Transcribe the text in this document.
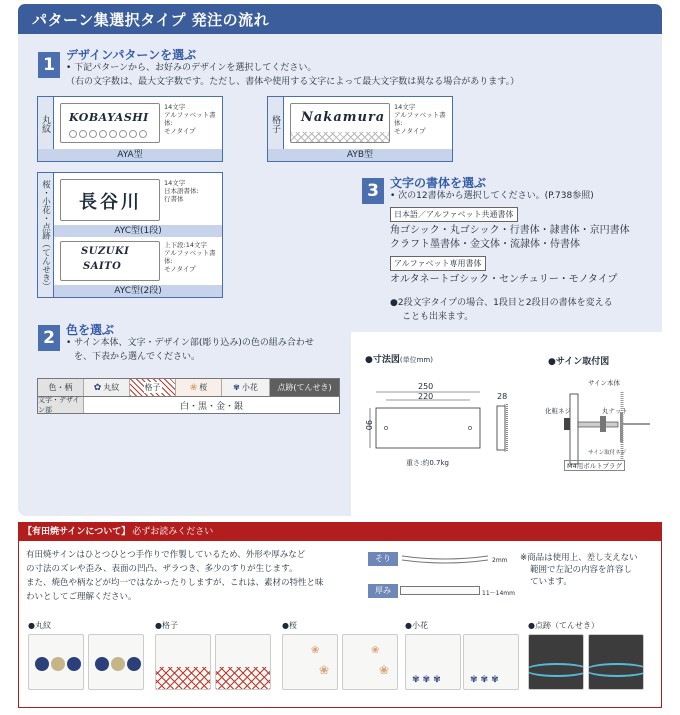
パターン集選択タイプ 発注の流れ
1 デザインパターンを選ぶ
• 下記パターンから、お好みのデザインを選択してください。
（右の文字数は、最大文字数です。ただし、書体や使用する文字によって最大文字数は異なる場合があります。）
丸紋	KOBAYASHI
14文字
アルファベット書体:
モノタイプ
AYA型
格子	Nakamura
14文字
アルファベット書体:
モノタイプ
AYB型
桜・小花・点跡（てんせき） 長谷川
14文字
日本語書体:
行書体
AYC型(1段)
SUZUKI
SAITO
上下段:14文字
アルファベット書体:
モノタイプ
AYC型(2段)
3 文字の書体を選ぶ
• 次の12書体から選択してください。(P.738参照)
日本語／アルファベット共通書体
角ゴシック・丸ゴシック・行書体・隷書体・京円書体
クラフト墨書体・金文体・流隷体・侍書体
アルファベット専用書体
オルタネートゴシック・センチュリー・モノタイプ
●2段文字タイプの場合、1段目と2段目の書体を変える
ことも出来ます。
2 色を選ぶ
• サイン本体、文字・デザイン部(彫り込み)の色の組み合わせ
を、下表から選んでください。
色・柄	✿ 丸紋	格子	❀ 桜	✾ 小花	点跡(てんせき)
文字・デザイン部	白・黒・金・銀
●寸法図(単位mm)
250
220
90
28
重さ:約0.7kg
●サイン取付図
サイン本体
化粧ネジ	丸ナット
サイン取付ネジ
M4用ボルトプラグ
【有田焼サインについて】 必ずお読みください
有田焼サインはひとつひとつ手作りで作製しているため、外形や厚みなど
の寸法のズレや歪み、表面の凹凸、ザラつき、多少のすりが生じます。
また、焼色や柄などが均一ではなかったりしますが、これは、素材の特性と味
わいとしてご理解ください。
そり	2mm
厚み	11〜14mm
※商品は使用上、差し支えない
範囲で左記の内容を許容し
ています。
●丸紋	●格子	●桜
❀
❀
❀
❀
●小花
✾✾✾	✾✾✾
●点跡（てんせき）
